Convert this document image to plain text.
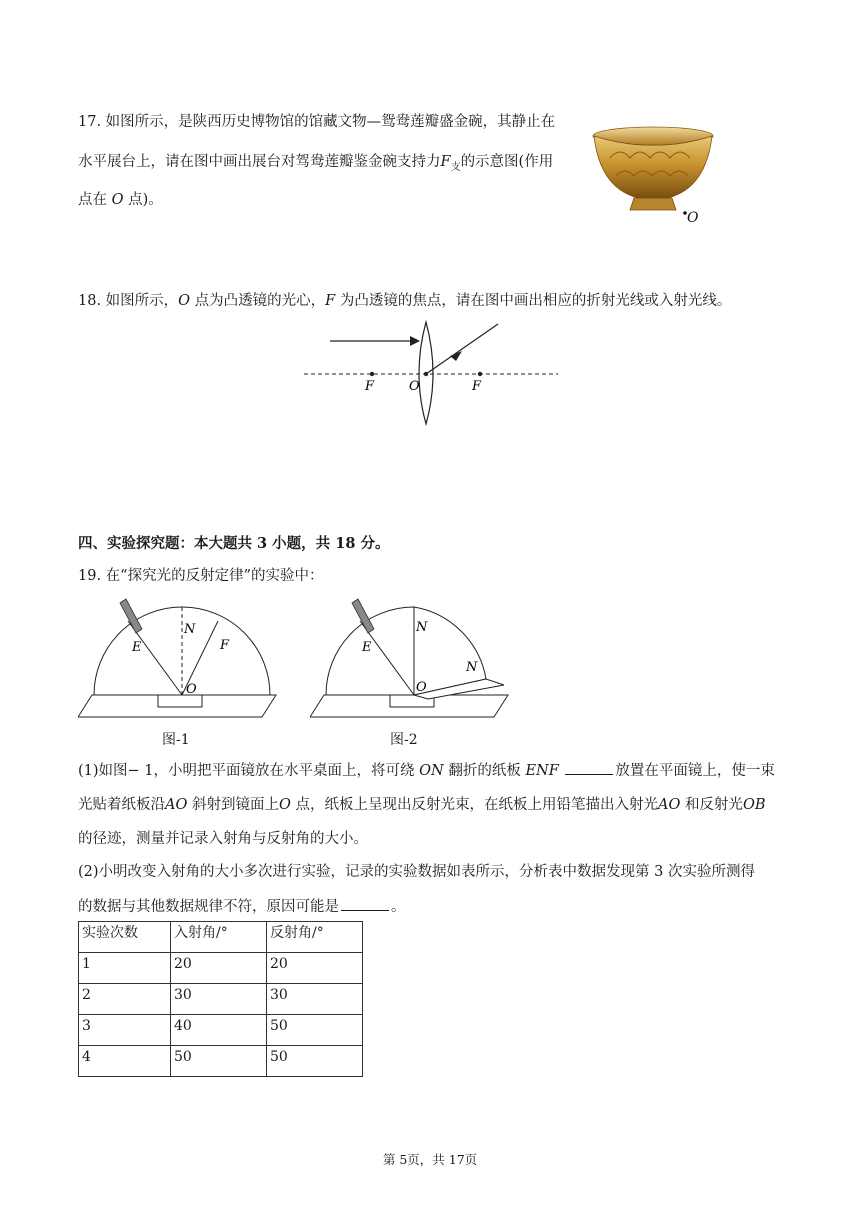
17. 如图所示，是陕西历史博物馆的馆藏文物—鸳鸯莲瓣盛金碗，其静止在
水平展台上，请在图中画出展台对驾鸯莲瓣鉴金碗支持力$F_支$的示意图(作用
点在 O 点)。
O
18. 如图所示，O 点为凸透镜的光心，F 为凸透镜的焦点，请在图中画出相应的折射光线或入射光线。
F	O	F
四、实验探究题：本大题共 3 小题，共 18 分。
19. 在“探究光的反射定律”的实验中：
N
E	F
O
图-1
N
E
N
O
图-2
(1)如图− 1，小明把平面镜放在水平桌面上，将可绕 ON 翻折的纸板 ENF	放置在平面镜上，使一束
光贴着纸板沿AO 斜射到镜面上O 点，纸板上呈现出反射光束，在纸板上用铅笔描出入射光AO 和反射光OB
的径迹，测量并记录入射角与反射角的大小。
(2)小明改变入射角的大小多次进行实验，记录的实验数据如表所示，分析表中数据发现第 3 次实验所测得
的数据与其他数据规律不符，原因可能是	。
实验次数	入射角/°	反射角/°
1	20	20
2	30	30
3	40	50
4	50	50
第 5页，共 17页
